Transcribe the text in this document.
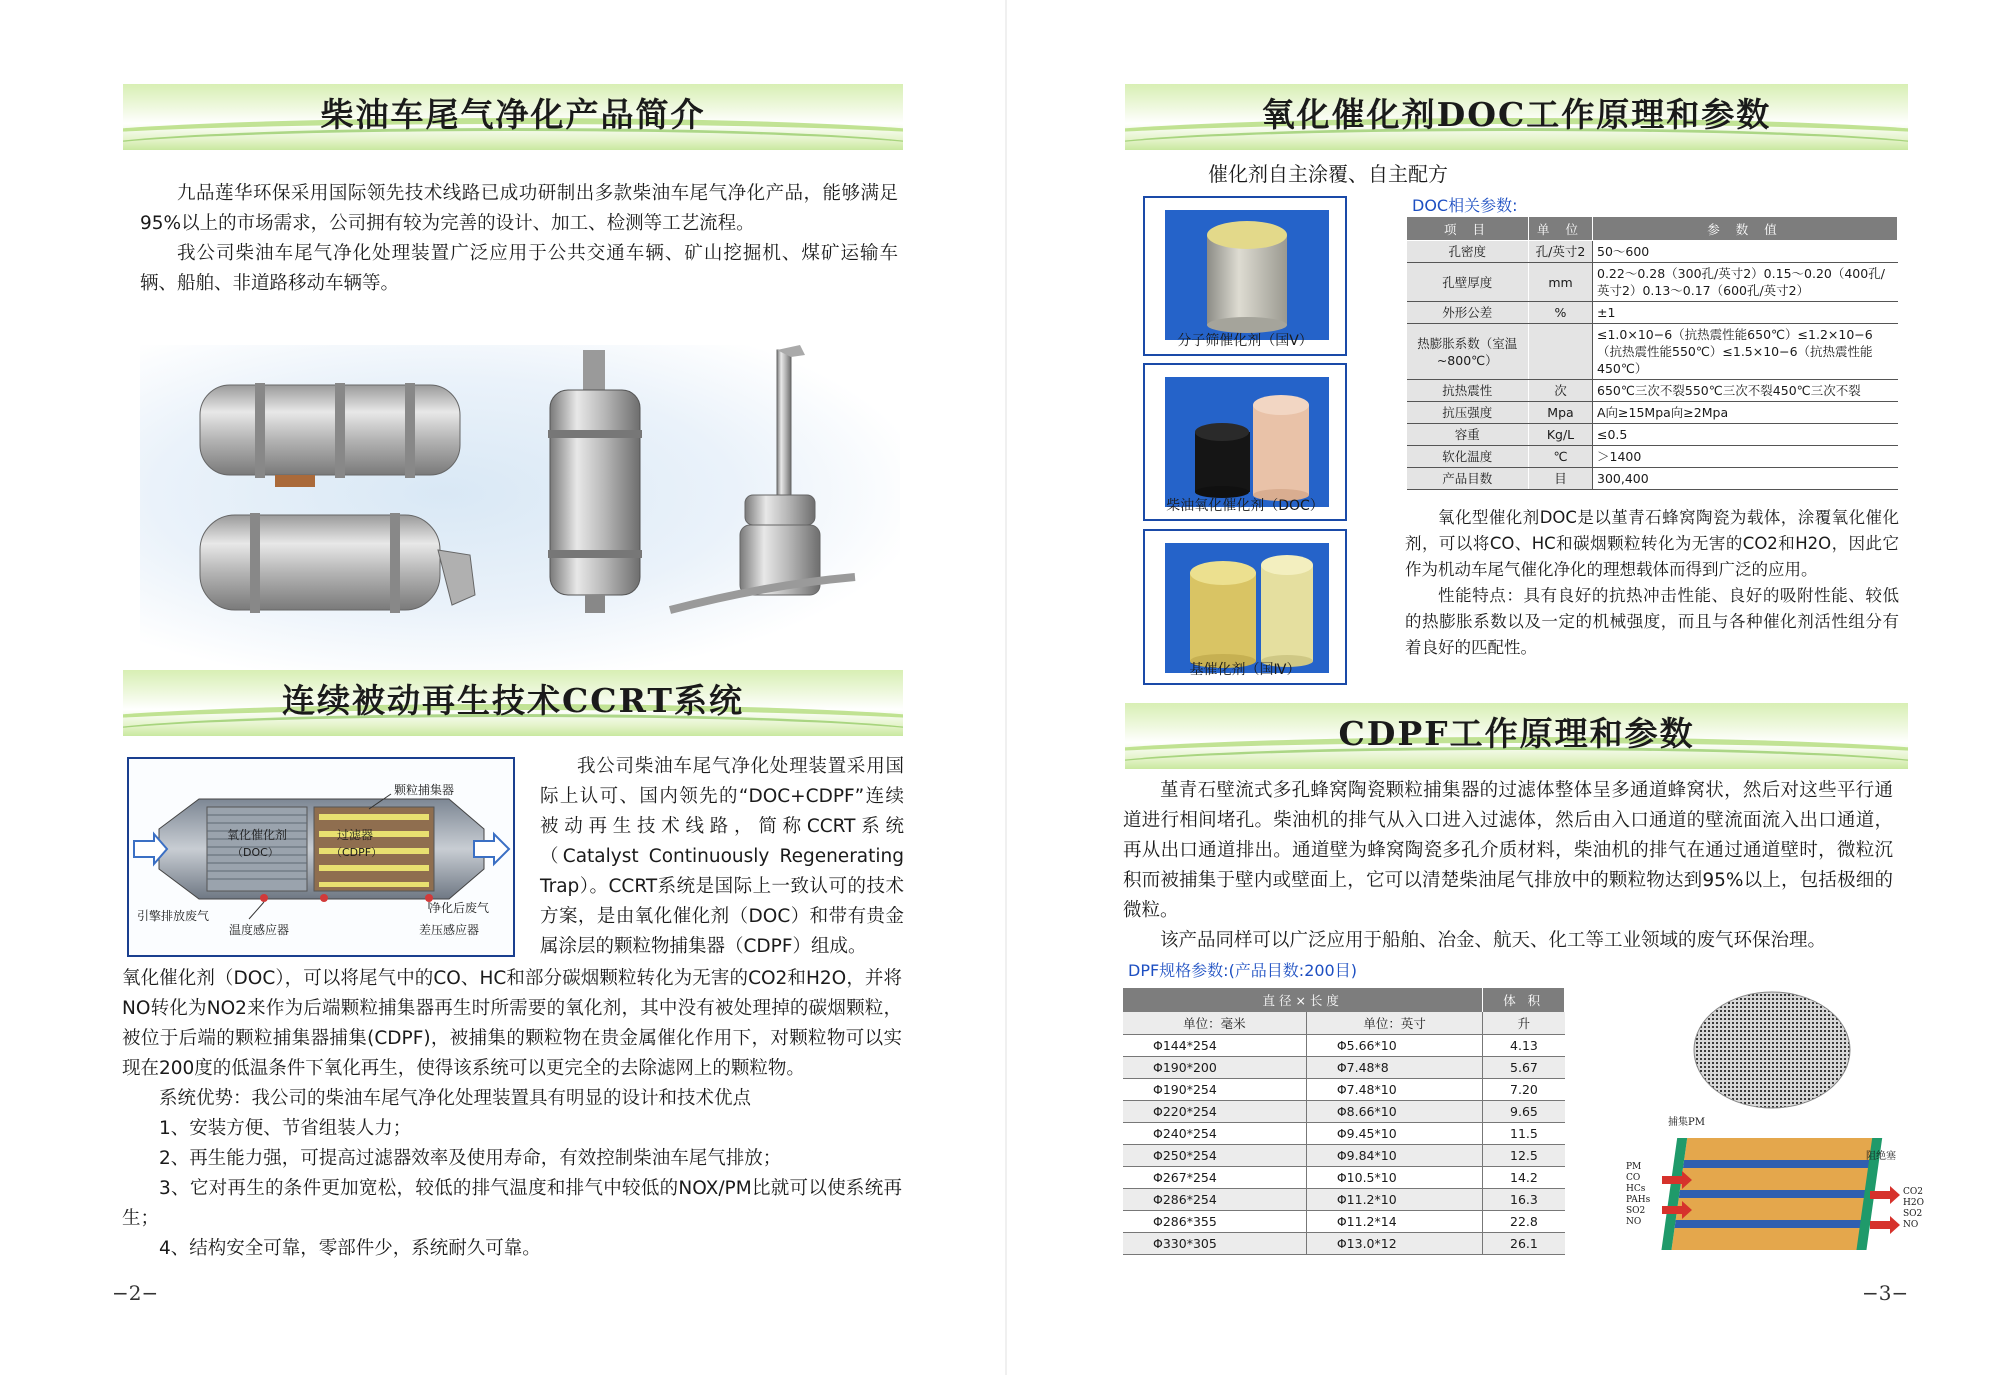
柴油车尾气净化产品简介

九品莲华环保采用国际领先技术线路已成功研制出多款柴油车尾气净化产品，能够满足95%以上的市场需求，公司拥有较为完善的设计、加工、检测等工艺流程。

我公司柴油车尾气净化处理装置广泛应用于公共交通车辆、矿山挖掘机、煤矿运输车辆、船舶、非道路移动车辆等。

连续被动再生技术CCRT系统
颗粒捕集器
氧化催化剂
（DOC）
过滤器
（CDPF）
引擎排放废气
温度感应器
净化后废气
差压感应器

我公司柴油车尾气净化处理装置采用国际上认可、国内领先的“DOC+CDPF”连续被动再生技术线路，简称CCRT系统（Catalyst Continuously Regenerating Trap）。CCRT系统是国际上一致认可的技术方案，是由氧化催化剂（DOC）和带有贵金属涂层的颗粒物捕集器（CDPF）组成。

氧化催化剂（DOC），可以将尾气中的CO、HC和部分碳烟颗粒转化为无害的CO2和H2O，并将NO转化为NO2来作为后端颗粒捕集器再生时所需要的氧化剂，其中没有被处理掉的碳烟颗粒，被位于后端的颗粒捕集器捕集(CDPF)，被捕集的颗粒物在贵金属催化作用下，对颗粒物可以实现在200度的低温条件下氧化再生，使得该系统可以更完全的去除滤网上的颗粒物。

系统优势：我公司的柴油车尾气净化处理装置具有明显的设计和技术优点

1、安装方便、节省组装人力；

2、再生能力强，可提高过滤器效率及使用寿命，有效控制柴油车尾气排放；

3、它对再生的条件更加宽松，较低的排气温度和排气中较低的NOX/PM比就可以使系统再生；

4、结构安全可靠，零部件少，系统耐久可靠。

−2−
氧化催化剂DOC工作原理和参数
催化剂自主涂覆、自主配方
分子筛催化剂（国Ⅴ）
柴油氧化催化剂（DOC）
基催化剂（国Ⅳ）
DOC相关参数:
项 目	单 位	参 数 值
孔密度	孔/英寸2	50～600
孔壁厚度	mm	0.22～0.28（300孔/英寸2）0.15～0.20（400孔/英寸2）0.13～0.17（600孔/英寸2）
外形公差	%	±1
热膨胀系数（室温~800℃）		≤1.0×10−6（抗热震性能650℃）≤1.2×10−6（抗热震性能550℃）≤1.5×10−6（抗热震性能450℃）
抗热震性	次	650℃三次不裂550℃三次不裂450℃三次不裂
抗压强度	Mpa	A向≥15Mpa向≥2Mpa
容重	Kg/L	≤0.5
软化温度	℃	＞1400
产品目数	目	300,400

氧化型催化剂DOC是以堇青石蜂窝陶瓷为载体，涂覆氧化催化剂，可以将CO、HC和碳烟颗粒转化为无害的CO2和H2O，因此它作为机动车尾气催化净化的理想载体而得到广泛的应用。

性能特点：具有良好的抗热冲击性能、良好的吸附性能、较低的热膨胀系数以及一定的机械强度，而且与各种催化剂活性组分有着良好的匹配性。

CDPF工作原理和参数

堇青石壁流式多孔蜂窝陶瓷颗粒捕集器的过滤体整体呈多通道蜂窝状，然后对这些平行通道进行相间堵孔。柴油机的排气从入口进入过滤体，然后由入口通道的壁流面流入出口通道，再从出口通道排出。通道壁为蜂窝陶瓷多孔介质材料，柴油机的排气在通过通道壁时，微粒沉积而被捕集于壁内或壁面上，它可以清楚柴油尾气排放中的颗粒物达到95%以上，包括极细的微粒。

该产品同样可以广泛应用于船舶、冶金、航天、化工等工业领域的废气环保治理。

DPF规格参数:(产品目数:200目)
直径×长度		体 积
单位：毫米	单位：英寸	升
Φ144*254	Φ5.66*10	4.13
Φ190*200	Φ7.48*8	5.67
Φ190*254	Φ7.48*10	7.20
Φ220*254	Φ8.66*10	9.65
Φ240*254	Φ9.45*10	11.5
Φ250*254	Φ9.84*10	12.5
Φ267*254	Φ10.5*10	14.2
Φ286*254	Φ11.2*10	16.3
Φ286*355	Φ11.2*14	22.8
Φ330*305	Φ13.0*12	26.1
捕集PM
阻绝塞
PM
CO
HCs
PAHs
SO2
NO
CO2
H2O
SO2
NO
−3−
